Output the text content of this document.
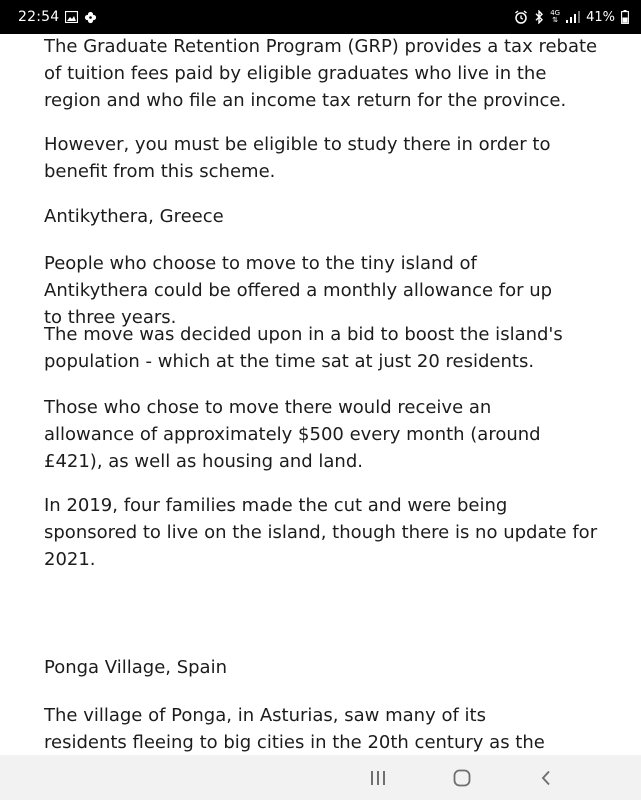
22:54	4G
⇅ 41%

The Graduate Retention Program (GRP) provides a tax rebate of tuition fees paid by eligible graduates who live in the region and who file an income tax return for the province.

However, you must be eligible to study there in order to benefit from this scheme.

Antikythera, Greece

People who choose to move to the tiny island of Antikythera could be offered a monthly allowance for up to three years.

The move was decided upon in a bid to boost the island's population - which at the time sat at just 20 residents.

Those who chose to move there would receive an allowance of approximately $500 every month (around £421), as well as housing and land.

In 2019, four families made the cut and were being sponsored to live on the island, though there is no update for 2021.

Ponga Village, Spain

The village of Ponga, in Asturias, saw many of its residents fleeing to big cities in the 20th century as the
